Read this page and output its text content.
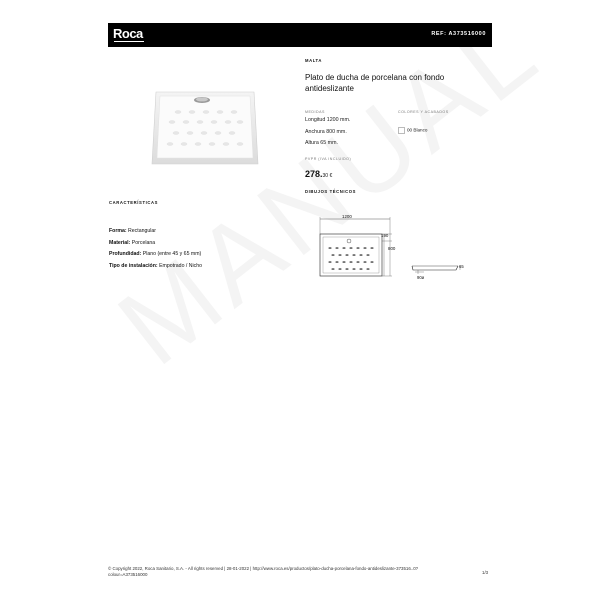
Roca	REF: A373516000
MALTA
Plato de ducha de porcelana con fondo antideslizante
MEDIDAS	COLORES Y ACABADOS
Longitud 1200 mm.
Anchura 800 mm.
Altura 65 mm.
00 Blanco
PVPR (IVA INCLUIDO)
278.30 €
DIBUJOS TÉCNICOS
1200
190
800
65
90ø
CARACTERÍSTICAS
Forma: Rectangular
Material: Porcelana
Profundidad: Plano (entre 45 y 65 mm)
Tipo de instalación: Empotrado / Nicho
© Copyright 2022, Roca Sanitario, S.A. - All rights reserved | 28-01-2022 | http://www.roca.es/productos/plato-ducha-porcelana-fondo-antideslizante-373516..0?colour=A373516000	1/3
